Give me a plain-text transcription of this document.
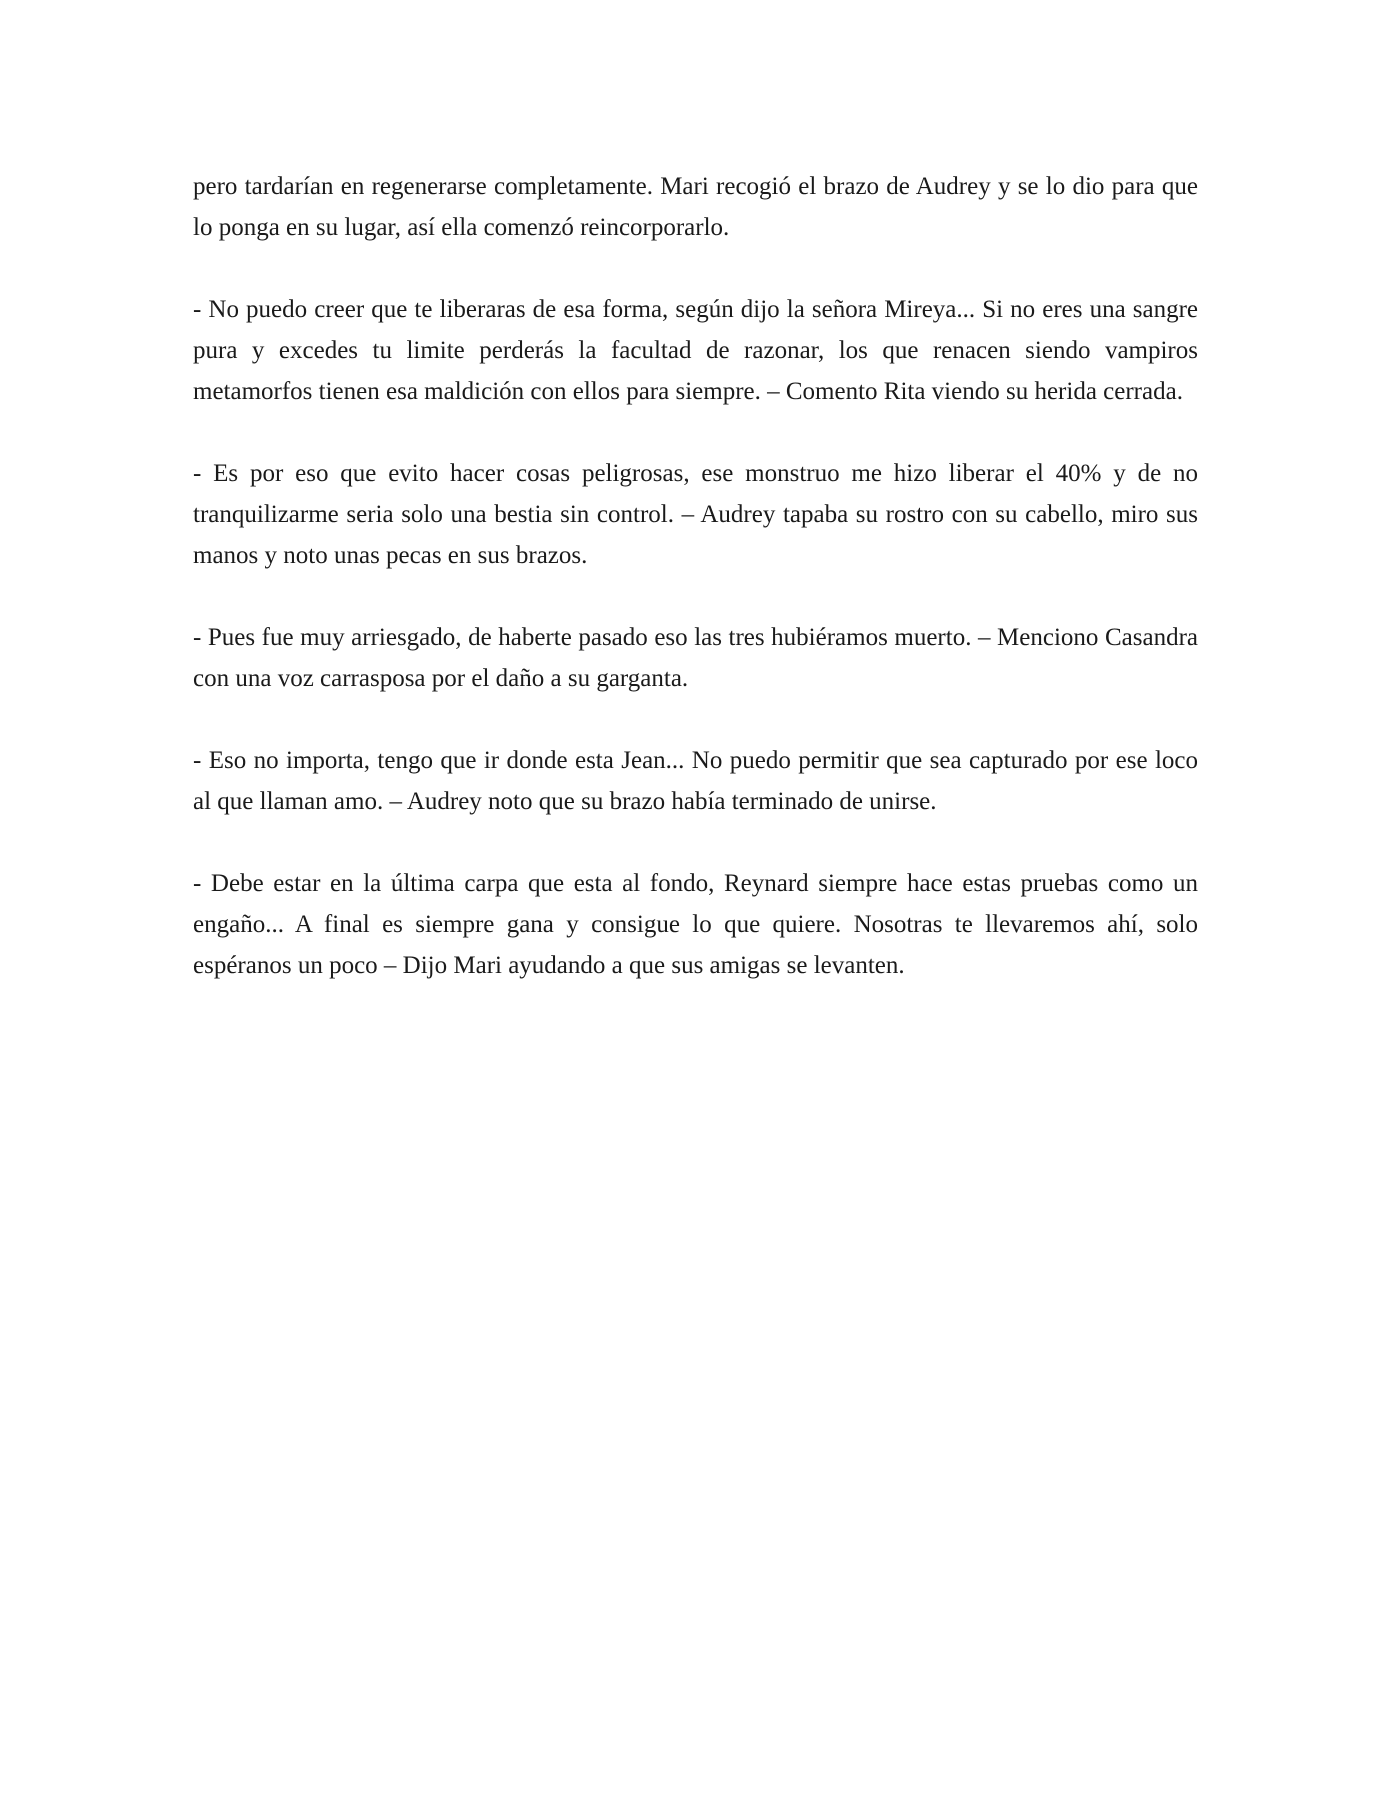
pero tardarían en regenerarse completamente. Mari recogió el brazo de Audrey y se lo dio para que lo ponga en su lugar, así ella comenzó reincorporarlo.

- No puedo creer que te liberaras de esa forma, según dijo la señora Mireya... Si no eres una sangre pura y excedes tu limite perderás la facultad de razonar, los que renacen siendo vampiros metamorfos tienen esa maldición con ellos para siempre. – Comento Rita viendo su herida cerrada.

- Es por eso que evito hacer cosas peligrosas, ese monstruo me hizo liberar el 40% y de no tranquilizarme seria solo una bestia sin control. – Audrey tapaba su rostro con su cabello, miro sus manos y noto unas pecas en sus brazos.

- Pues fue muy arriesgado, de haberte pasado eso las tres hubiéramos muerto. – Menciono Casandra con una voz carrasposa por el daño a su garganta.

- Eso no importa, tengo que ir donde esta Jean... No puedo permitir que sea capturado por ese loco al que llaman amo. – Audrey noto que su brazo había terminado de unirse.

- Debe estar en la última carpa que esta al fondo, Reynard siempre hace estas pruebas como un engaño... A final es siempre gana y consigue lo que quiere. Nosotras te llevaremos ahí, solo espéranos un poco – Dijo Mari ayudando a que sus amigas se levanten.
